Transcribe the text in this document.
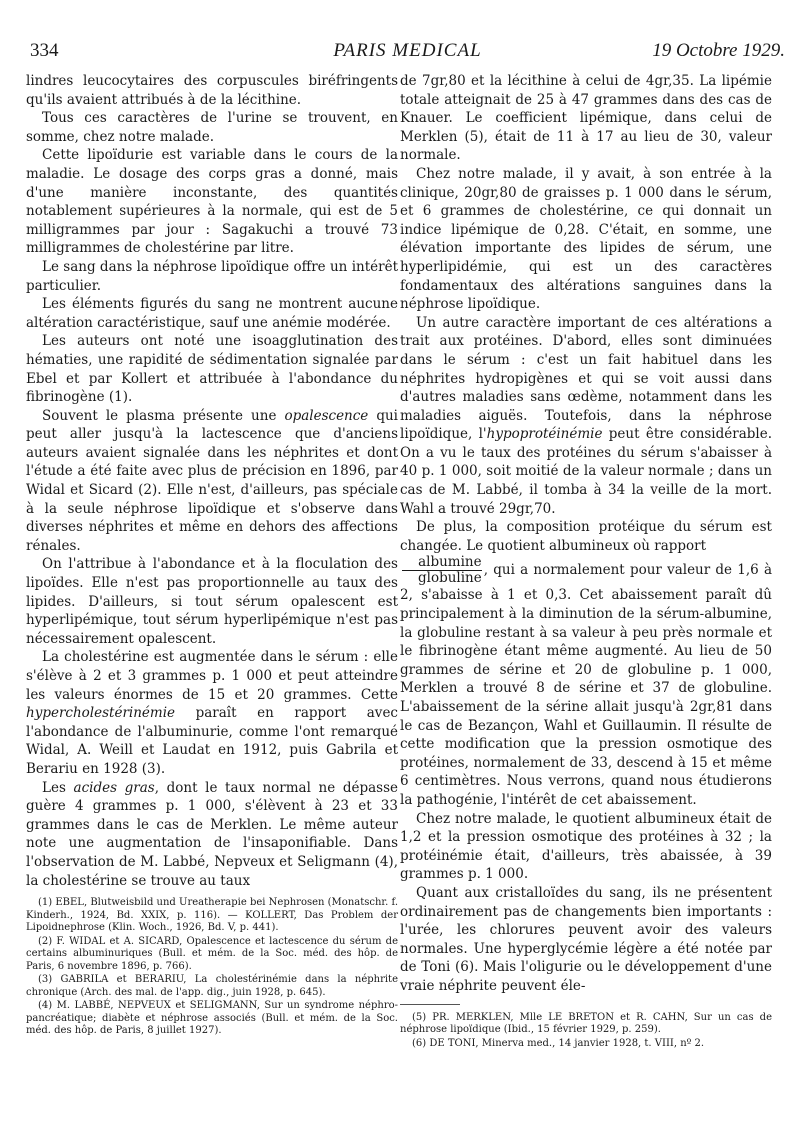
334	PARIS MEDICAL	19 Octobre 1929.

lindres leucocytaires des corpuscules biréfringents qu'ils avaient attribués à de la lécithine.

Tous ces caractères de l'urine se trouvent, en somme, chez notre malade.

Cette lipoïdurie est variable dans le cours de la maladie. Le dosage des corps gras a donné, mais d'une manière inconstante, des quantités notablement supérieures à la normale, qui est de 5 milligrammes par jour : Sagakuchi a trouvé 73 milligrammes de cholestérine par litre.

Le sang dans la néphrose lipoïdique offre un intérêt particulier.

Les éléments figurés du sang ne montrent aucune altération caractéristique, sauf une anémie modérée.

Les auteurs ont noté une isoagglutination des hématies, une rapidité de sédimentation signalée par Ebel et par Kollert et attribuée à l'abondance du fibrinogène (1).

Souvent le plasma présente une opalescence qui peut aller jusqu'à la lactescence que d'anciens auteurs avaient signalée dans les néphrites et dont l'étude a été faite avec plus de précision en 1896, par Widal et Sicard (2). Elle n'est, d'ailleurs, pas spéciale à la seule néphrose lipoïdique et s'observe dans diverses néphrites et même en dehors des affections rénales.

On l'attribue à l'abondance et à la floculation des lipoïdes. Elle n'est pas proportionnelle au taux des lipides. D'ailleurs, si tout sérum opalescent est hyperlipémique, tout sérum hyperlipémique n'est pas nécessairement opalescent.

La cholestérine est augmentée dans le sérum : elle s'élève à 2 et 3 grammes p. 1 000 et peut atteindre les valeurs énormes de 15 et 20 grammes. Cette hypercholestérinémie paraît en rapport avec l'abondance de l'albuminurie, comme l'ont remarqué Widal, A. Weill et Laudat en 1912, puis Gabrila et Berariu en 1928 (3).

Les acides gras, dont le taux normal ne dépasse guère 4 grammes p. 1 000, s'élèvent à 23 et 33 grammes dans le cas de Merklen. Le même auteur note une augmentation de l'insaponifiable. Dans l'observation de M. Labbé, Nepveux et Seligmann (4), la cholestérine se trouve au taux

(1) EBEL, Blutweisbild und Ureatherapie bei Nephrosen (Monatschr. f. Kinderh., 1924, Bd. XXIX, p. 116). — KOLLERT, Das Problem der Lipoidnephrose (Klin. Woch., 1926, Bd. V, p. 441).
(2) F. WIDAL et A. SICARD, Opalescence et lactescence du sérum de certains albuminuriques (Bull. et mém. de la Soc. méd. des hôp. de Paris, 6 novembre 1896, p. 766).
(3) GABRILA et BERARIU, La cholestérinémie dans la néphrite chronique (Arch. des mal. de l'app. dig., juin 1928, p. 645).
(4) M. LABBÉ, NEPVEUX et SELIGMANN, Sur un syndrome néphro-pancréatique; diabète et néphrose associés (Bull. et mém. de la Soc. méd. des hôp. de Paris, 8 juillet 1927).

de 7gr,80 et la lécithine à celui de 4gr,35. La lipémie totale atteignait de 25 à 47 grammes dans des cas de Knauer. Le coefficient lipémique, dans celui de Merklen (5), était de 11 à 17 au lieu de 30, valeur normale.

Chez notre malade, il y avait, à son entrée à la clinique, 20gr,80 de graisses p. 1 000 dans le sérum, et 6 grammes de cholestérine, ce qui donnait un indice lipémique de 0,28. C'était, en somme, une élévation importante des lipides de sérum, une hyperlipidémie, qui est un des caractères fondamentaux des altérations sanguines dans la néphrose lipoïdique.

Un autre caractère important de ces altérations a trait aux protéines. D'abord, elles sont diminuées dans le sérum : c'est un fait habituel dans les néphrites hydropigènes et qui se voit aussi dans d'autres maladies sans œdème, notamment dans les maladies aiguës. Toutefois, dans la néphrose lipoïdique, l'hypoprotéinémie peut être considérable. On a vu le taux des protéines du sérum s'abaisser à 40 p. 1 000, soit moitié de la valeur normale ; dans un cas de M. Labbé, il tomba à 34 la veille de la mort. Wahl a trouvé 29gr,70.

De plus, la composition protéique du sérum est changée. Le quotient albumineux où rapport

$\frac{\text{albumine}}{\text{globuline}}$ , qui a normalement pour valeur de 1,6 à 2, s'abaisse à 1 et 0,3. Cet abaissement paraît dû principalement à la diminution de la sérum-albumine, la globuline restant à sa valeur à peu près normale et le fibrinogène étant même augmenté. Au lieu de 50 grammes de sérine et 20 de globuline p. 1 000, Merklen a trouvé 8 de sérine et 37 de globuline. L'abaissement de la sérine allait jusqu'à 2gr,81 dans le cas de Bezançon, Wahl et Guillaumin. Il résulte de cette modification que la pression osmotique des protéines, normalement de 33, descend à 15 et même 6 centimètres. Nous verrons, quand nous étudierons la pathogénie, l'intérêt de cet abaissement.

Chez notre malade, le quotient albumineux était de 1,2 et la pression osmotique des protéines à 32 ; la protéinémie était, d'ailleurs, très abaissée, à 39 grammes p. 1 000.

Quant aux cristalloïdes du sang, ils ne présentent ordinairement pas de changements bien importants : l'urée, les chlorures peuvent avoir des valeurs normales. Une hyperglycémie légère a été notée par de Toni (6). Mais l'oligurie ou le développement d'une vraie néphrite peuvent éle-

(5) PR. MERKLEN, Mlle LE BRETON et R. CAHN, Sur un cas de néphrose lipoïdique (Ibid., 15 février 1929, p. 259).
(6) DE TONI, Minerva med., 14 janvier 1928, t. VIII, nº 2.
